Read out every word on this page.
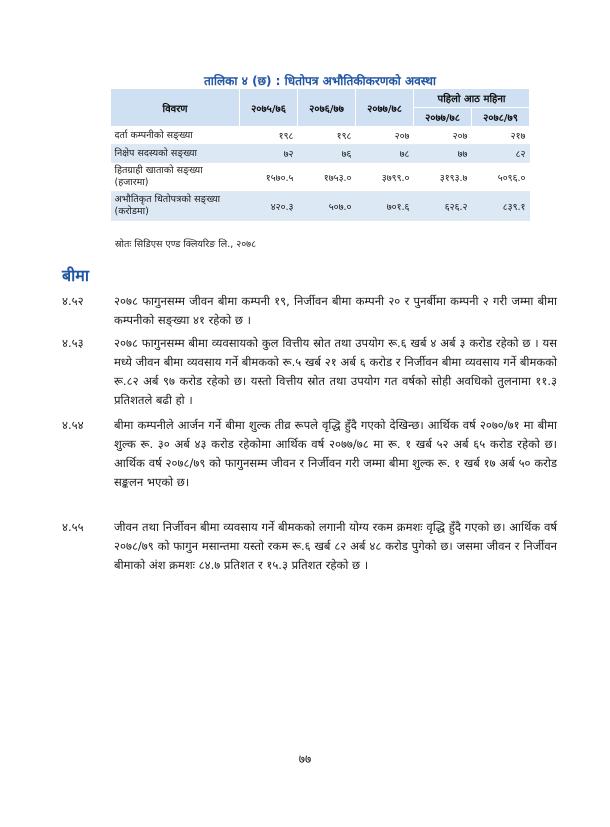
तालिका ४ (छ) : धितोपत्र अभौतिकीकरणको अवस्था
विवरण	२०७५/७६	२०७६/७७	२०७७/७८	पहिलो आठ महिना	
				२०७७/७८	२०७८/७९
दर्ता कम्पनीको सङ्ख्या	१९८	१९८	२०७	२०७	२१७
निक्षेप सदस्यको सङ्ख्या	७२	७६	७८	७७	८२
हितग्राही खाताको सङ्ख्या (हजारमा)	१५७०.५	१७५३.०	३७९९.०	३१९३.७	५०९६.०
अभौतिकृत धितोपत्रको सङ्ख्या (करोडमा)	४२०.३	५०७.०	७०१.६	६२६.२	८३९.१
स्रोतः सिडिएस एण्ड क्लियरिङ लि., २०७८
बीमा
४.५२	२०७८ फागुनसम्म जीवन बीमा कम्पनी १९, निर्जीवन बीमा कम्पनी २० र पुनर्बीमा कम्पनी २ गरी जम्मा बीमा कम्पनीको सङ्ख्या ४१ रहेको छ ।
४.५३	२०७८ फागुनसम्म बीमा व्यवसायको कुल वित्तीय स्रोत तथा उपयोग रू.६ खर्ब ४ अर्ब ३ करोड रहेको छ । यस मध्ये जीवन बीमा व्यवसाय गर्ने बीमकको रू.५ खर्ब २१ अर्ब ६ करोड र निर्जीवन बीमा व्यवसाय गर्ने बीमकको रू.८२ अर्ब ९७ करोड रहेको छ। यस्तो वित्तीय स्रोत तथा उपयोग गत वर्षको सोही अवधिको तुलनामा ११.३ प्रतिशतले बढी हो ।
४.५४	बीमा कम्पनीले आर्जन गर्ने बीमा शुल्क तीव्र रूपले वृद्धि हुँदै गएको देखिन्छ। आर्थिक वर्ष २०७०/७१ मा बीमा शुल्क रू. ३० अर्ब ४३ करोड रहेकोमा आर्थिक वर्ष २०७७/७८ मा रू. १ खर्ब ५२ अर्ब ६५ करोड रहेको छ। आर्थिक वर्ष २०७८/७९ को फागुनसम्म जीवन र निर्जीवन गरी जम्मा बीमा शुल्क रू. १ खर्ब १७ अर्ब ५० करोड सङ्कलन भएको छ।
४.५५	जीवन तथा निर्जीवन बीमा व्यवसाय गर्ने बीमकको लगानी योग्य रकम क्रमशः वृद्धि हुँदै गएको छ। आर्थिक वर्ष २०७८/७९ को फागुन मसान्तमा यस्तो रकम रू.६ खर्ब ८२ अर्ब ४८ करोड पुगेको छ। जसमा जीवन र निर्जीवन बीमाको अंश क्रमशः ८४.७ प्रतिशत र १५.३ प्रतिशत रहेको छ ।
७७
